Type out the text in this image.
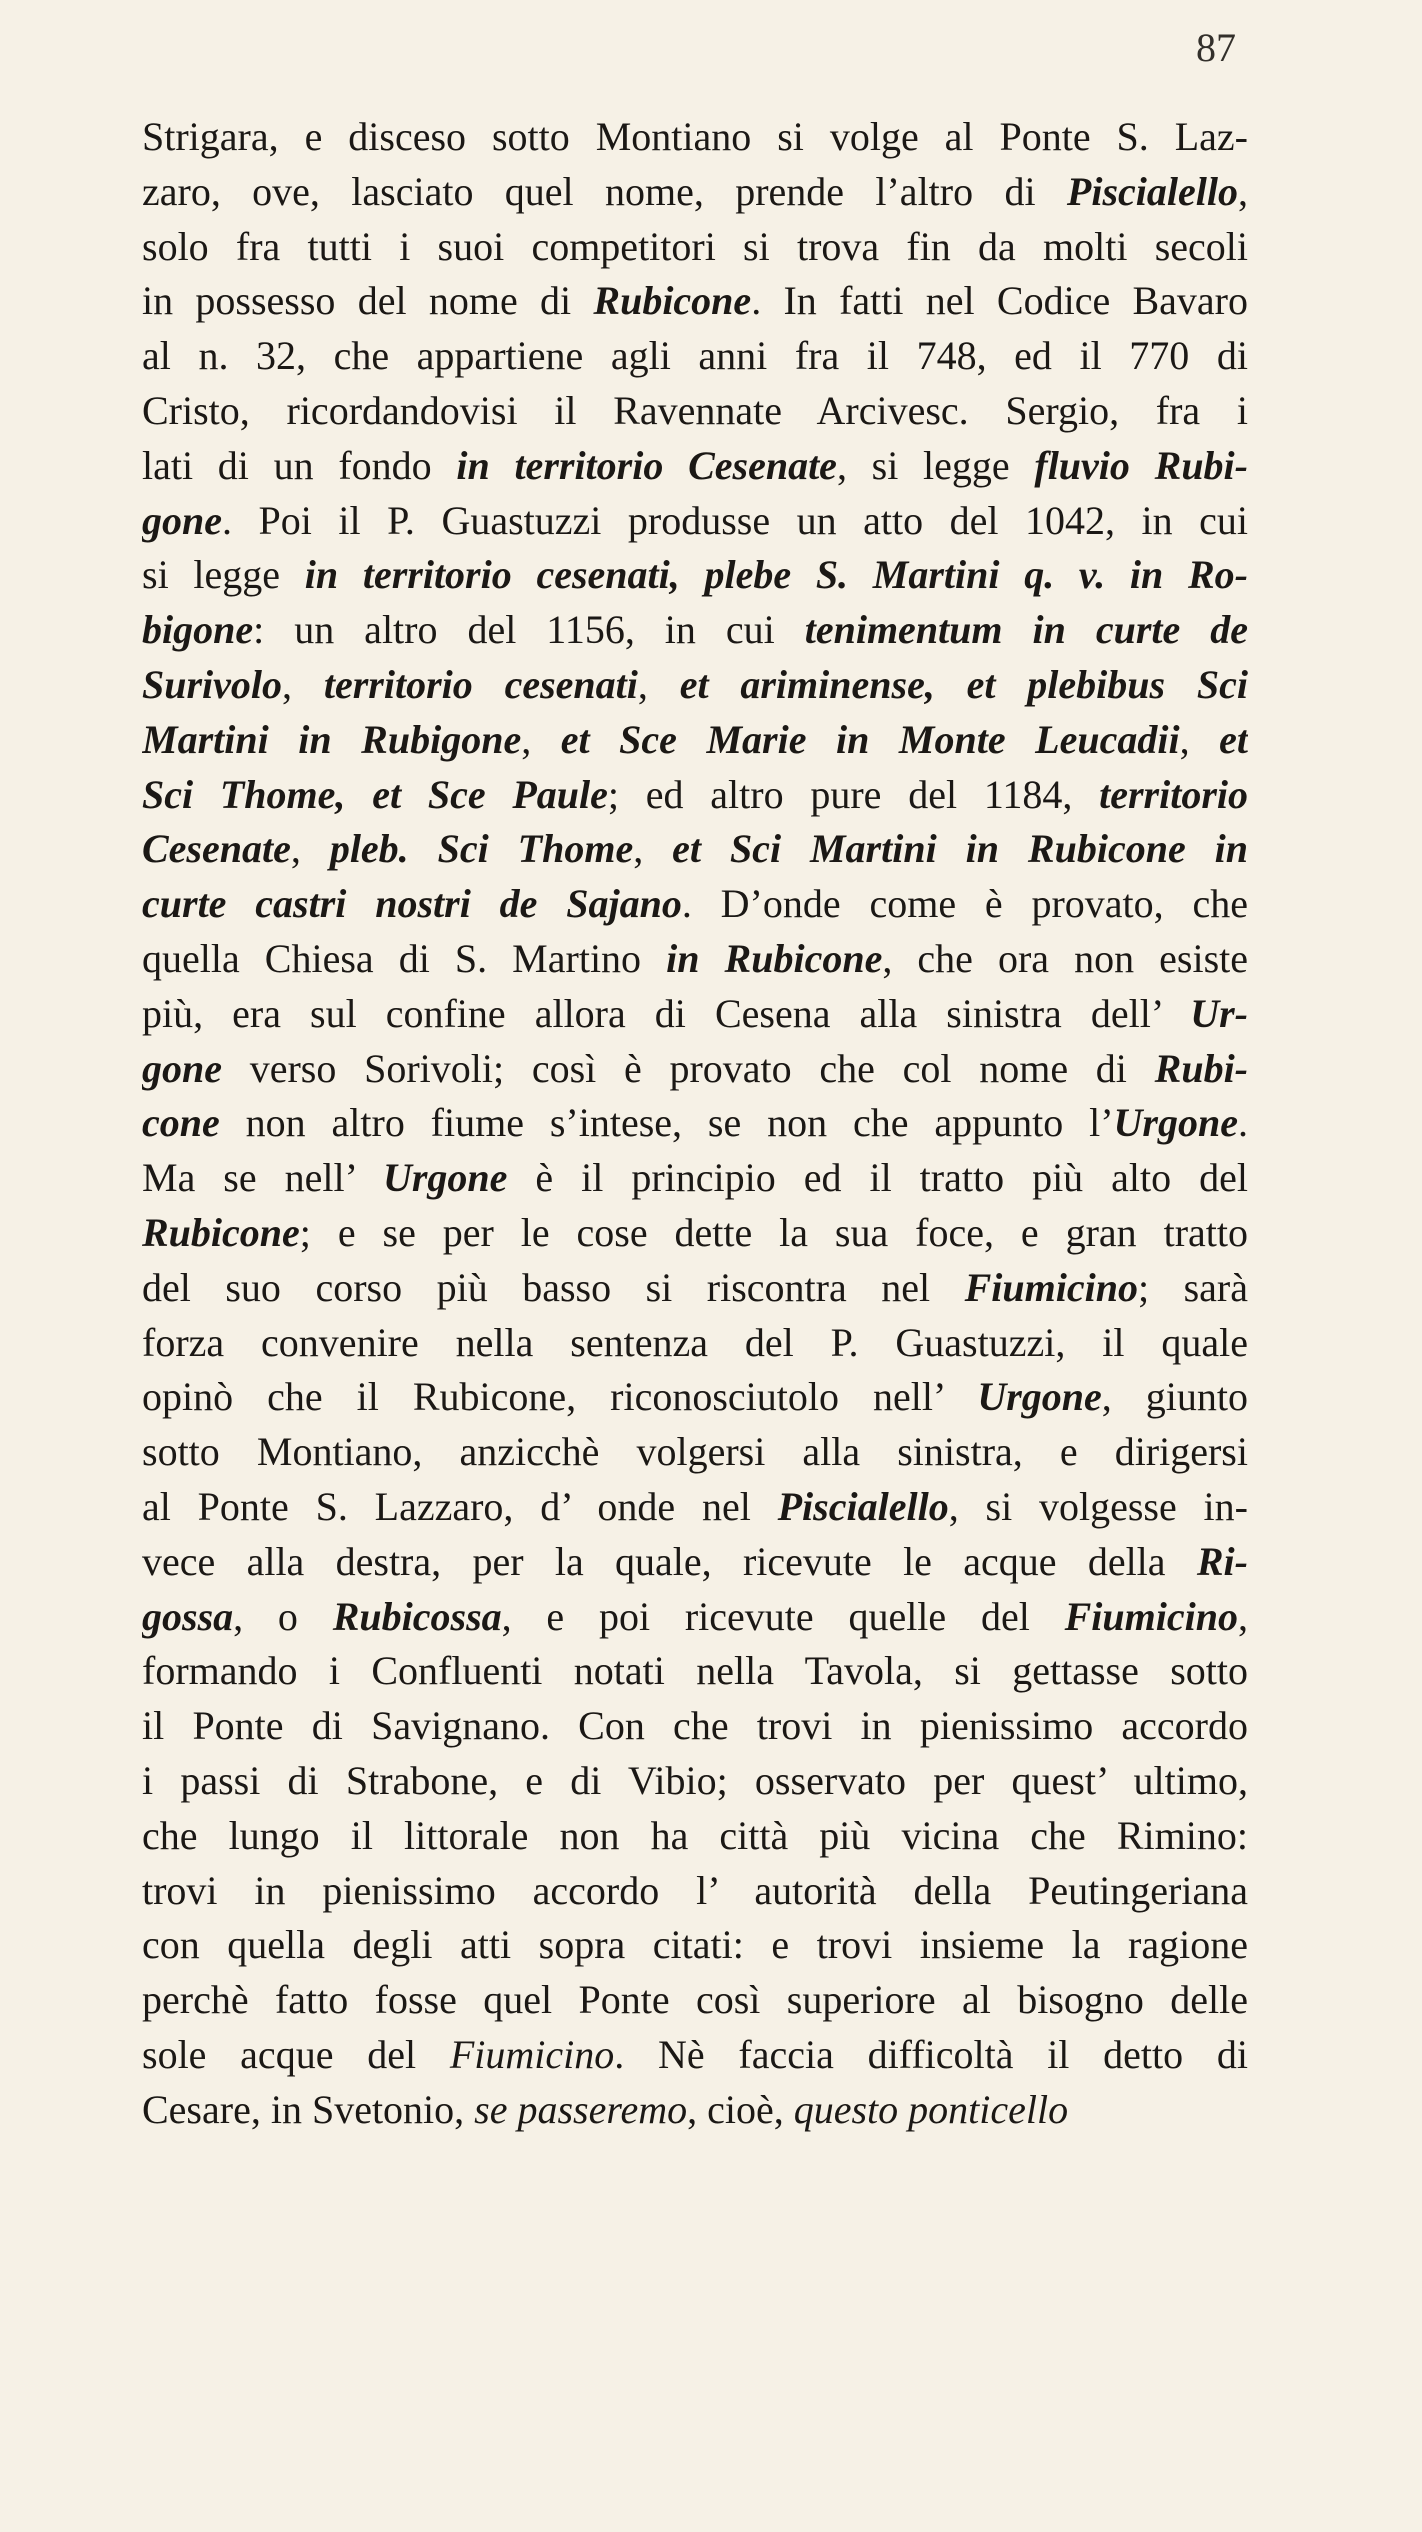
87
Strigara, e disceso sotto Montiano si volge al Ponte S. Laz-
zaro, ove, lasciato quel nome, prende l’altro di Piscialello,
solo fra tutti i suoi competitori si trova fin da molti secoli
in possesso del nome di Rubicone. In fatti nel Codice Bavaro
al n. 32, che appartiene agli anni fra il 748, ed il 770 di
Cristo, ricordandovisi il Ravennate Arcivesc. Sergio, fra i
lati di un fondo in territorio Cesenate, si legge fluvio Rubi-
gone. Poi il P. Guastuzzi produsse un atto del 1042, in cui
si legge in territorio cesenati, plebe S. Martini q. v. in Ro-
bigone: un altro del 1156, in cui tenimentum in curte de
Surivolo, territorio cesenati, et ariminense, et plebibus Sci
Martini in Rubigone, et Sce Marie in Monte Leucadii, et
Sci Thome, et Sce Paule; ed altro pure del 1184, territorio
Cesenate, pleb. Sci Thome, et Sci Martini in Rubicone in
curte castri nostri de Sajano. D’onde come è provato, che
quella Chiesa di S. Martino in Rubicone, che ora non esiste
più, era sul confine allora di Cesena alla sinistra dell’ Ur-
gone verso Sorivoli; così è provato che col nome di Rubi-
cone non altro fiume s’intese, se non che appunto l’Urgone.
Ma se nell’ Urgone è il principio ed il tratto più alto del
Rubicone; e se per le cose dette la sua foce, e gran tratto
del suo corso più basso si riscontra nel Fiumicino; sarà
forza convenire nella sentenza del P. Guastuzzi, il quale
opinò che il Rubicone, riconosciutolo nell’ Urgone, giunto
sotto Montiano, anzicchè volgersi alla sinistra, e dirigersi
al Ponte S. Lazzaro, d’ onde nel Piscialello, si volgesse in-
vece alla destra, per la quale, ricevute le acque della Ri-
gossa, o Rubicossa, e poi ricevute quelle del Fiumicino,
formando i Confluenti notati nella Tavola, si gettasse sotto
il Ponte di Savignano. Con che trovi in pienissimo accordo
i passi di Strabone, e di Vibio; osservato per quest’ ultimo,
che lungo il littorale non ha città più vicina che Rimino:
trovi in pienissimo accordo l’ autorità della Peutingeriana
con quella degli atti sopra citati: e trovi insieme la ragione
perchè fatto fosse quel Ponte così superiore al bisogno delle
sole acque del Fiumicino. Nè faccia difficoltà il detto di
Cesare, in Svetonio, se passeremo, cioè, questo ponticello
